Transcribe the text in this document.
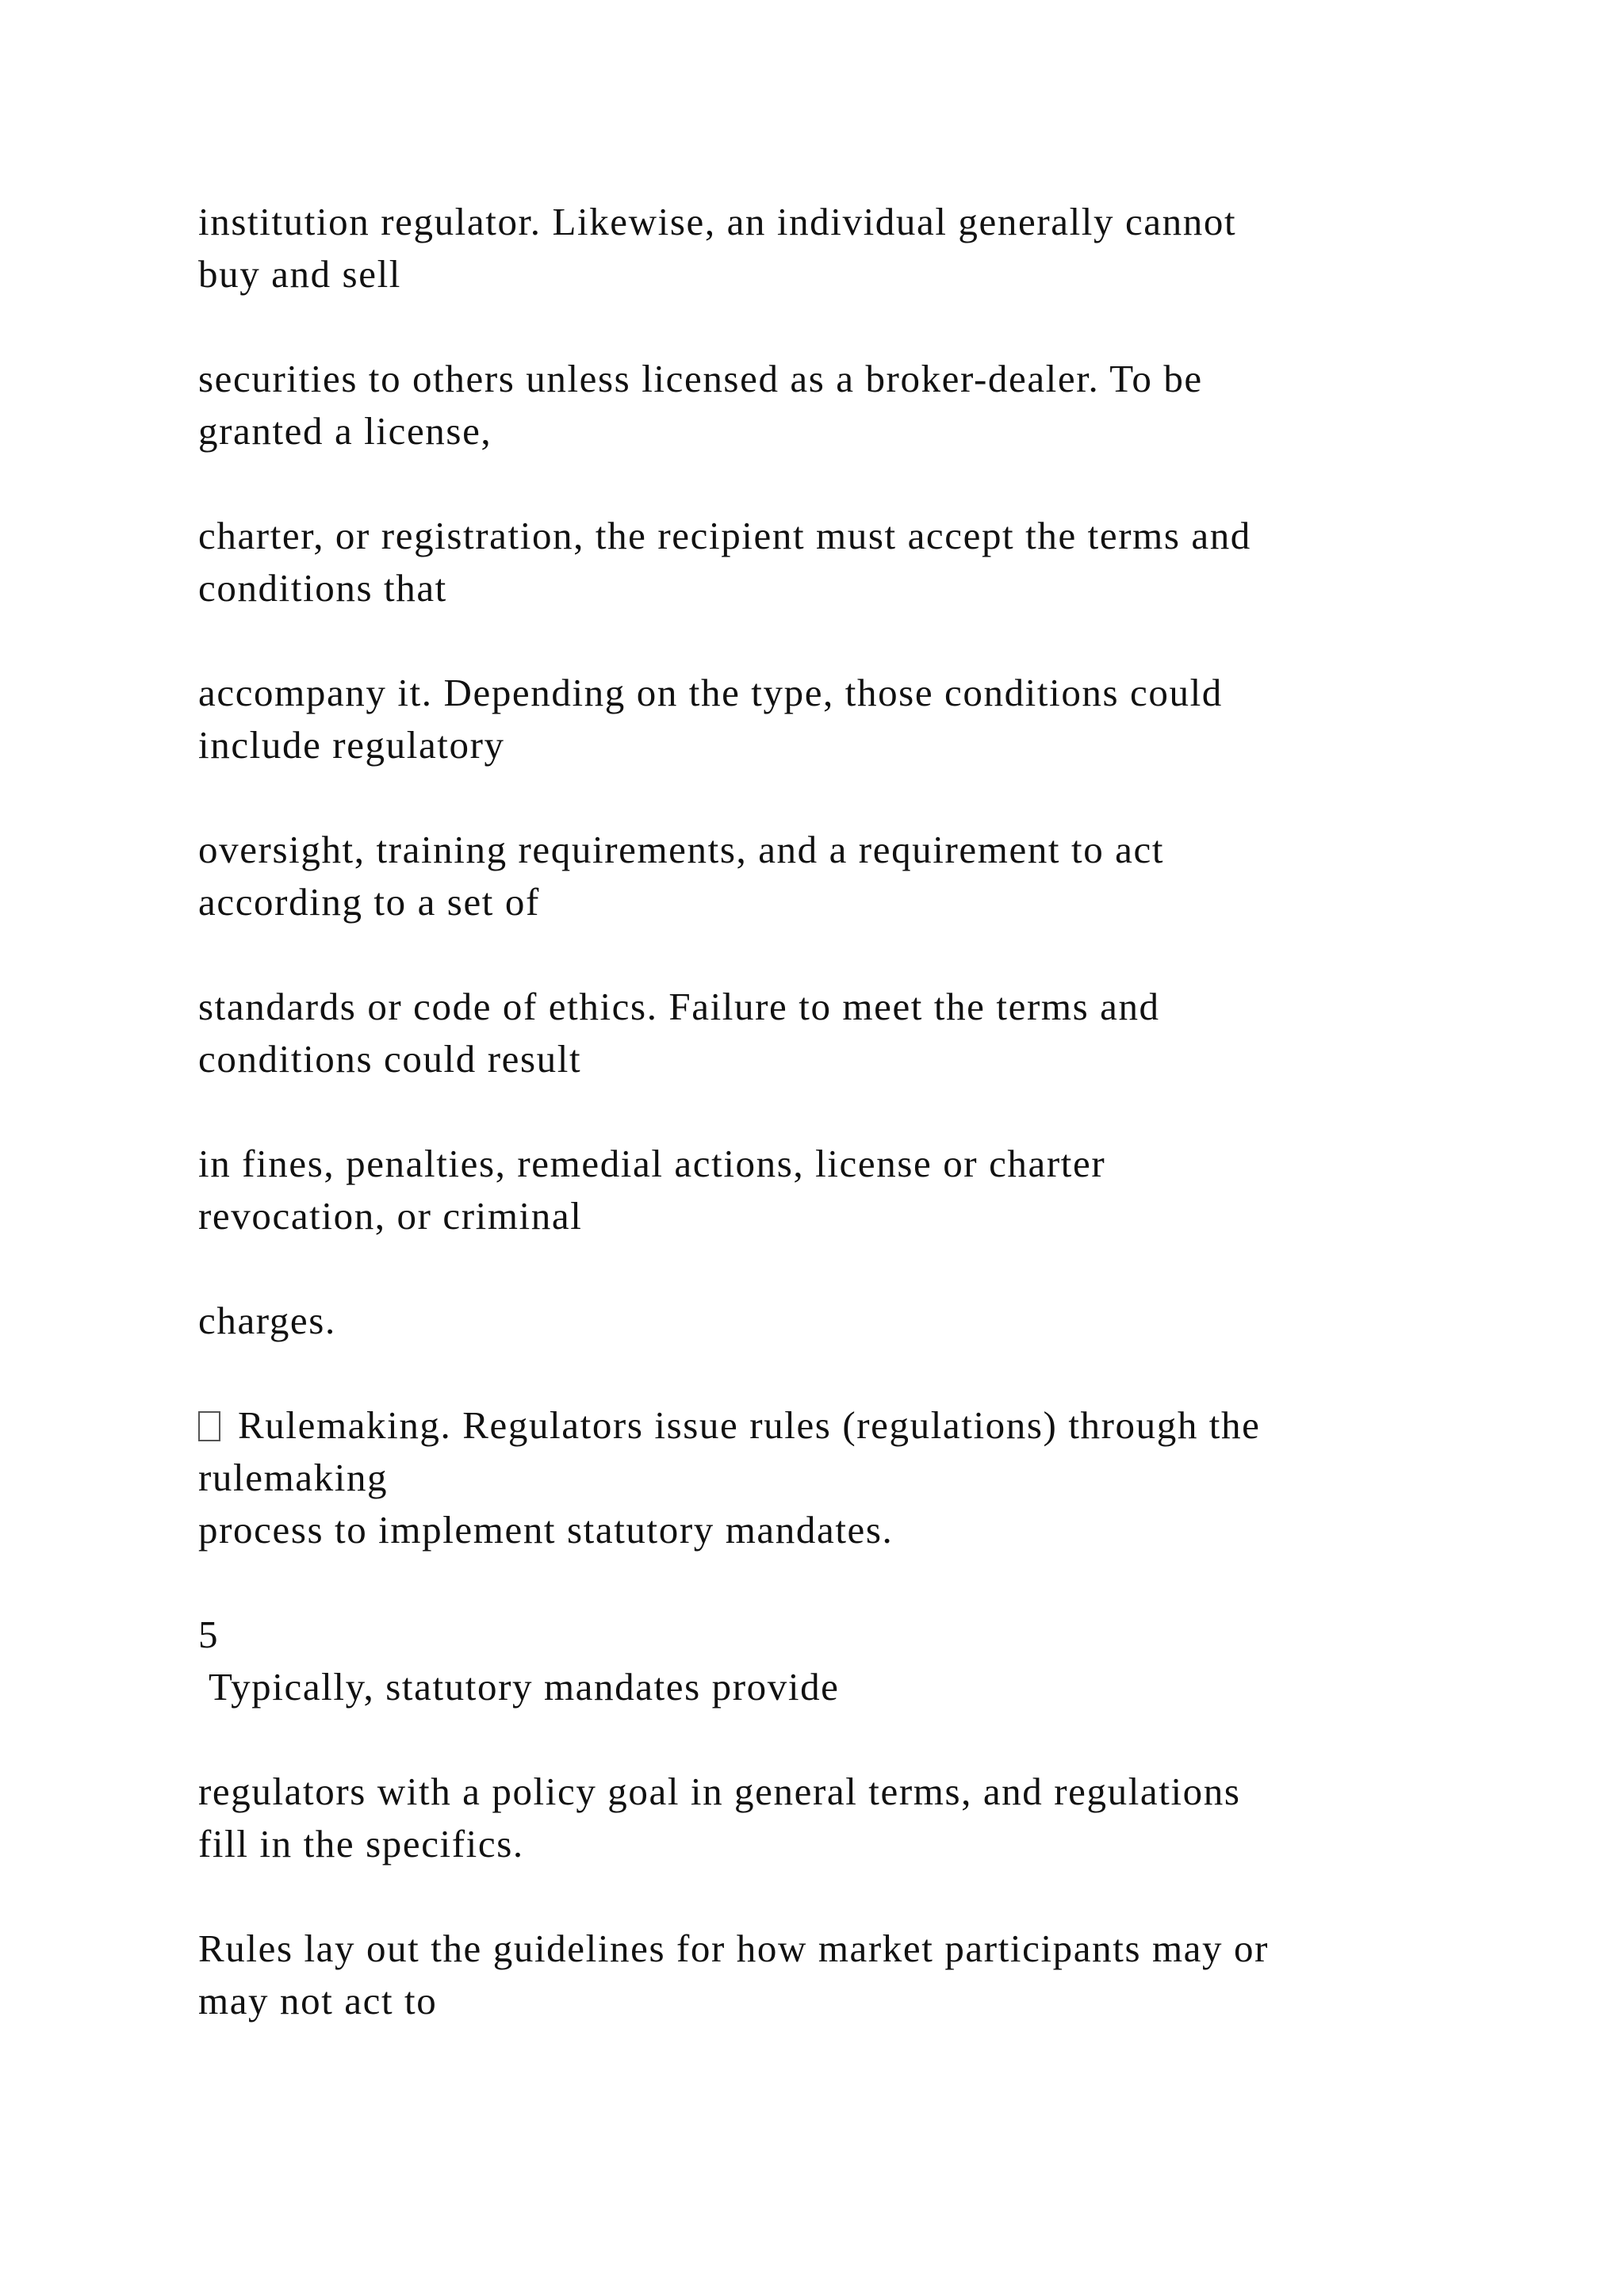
institution regulator. Likewise, an individual generally cannot

buy and sell

securities to others unless licensed as a broker-dealer. To be

granted a license,

charter, or registration, the recipient must accept the terms and

conditions that

accompany it. Depending on the type, those conditions could

include regulatory

oversight, training requirements, and a requirement to act

according to a set of

standards or code of ethics. Failure to meet the terms and

conditions could result

in fines, penalties, remedial actions, license or charter

revocation, or criminal

charges.

Rulemaking. Regulators issue rules (regulations) through the

rulemaking

process to implement statutory mandates.

5

Typically, statutory mandates provide

regulators with a policy goal in general terms, and regulations

fill in the specifics.

Rules lay out the guidelines for how market participants may or

may not act to
